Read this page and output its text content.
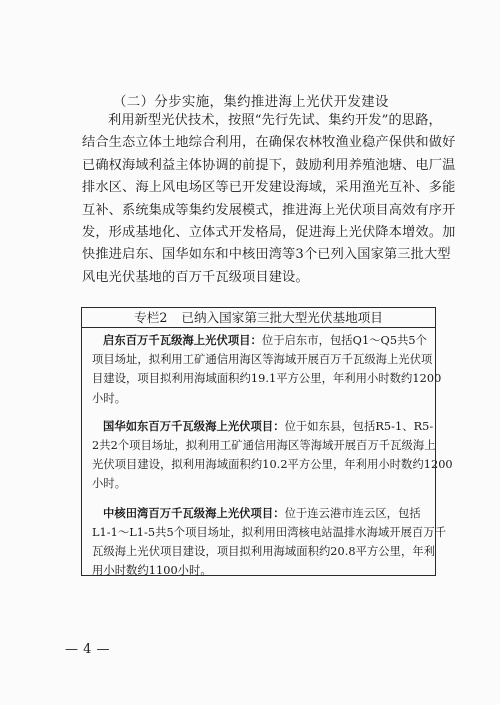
（二）分步实施，集约推进海上光伏开发建设
利用新型光伏技术，按照“先行先试、集约开发”的思路，
结合生态立体土地综合利用，在确保农林牧渔业稳产保供和做好
已确权海域利益主体协调的前提下，鼓励利用养殖池塘、电厂温
排水区、海上风电场区等已开发建设海域，采用渔光互补、多能
互补、系统集成等集约发展模式，推进海上光伏项目高效有序开
发，形成基地化、立体式开发格局，促进海上光伏降本增效。加
快推进启东、国华如东和中核田湾等3个已列入国家第三批大型
风电光伏基地的百万千瓦级项目建设。
专栏2 已纳入国家第三批大型光伏基地项目
启东百万千瓦级海上光伏项目：位于启东市，包括Q1～Q5共5个
项目场址，拟利用工矿通信用海区等海域开展百万千瓦级海上光伏项
目建设，项目拟利用海域面积约19.1平方公里，年利用小时数约1200
小时。
国华如东百万千瓦级海上光伏项目：位于如东县，包括R5-1、R5-
2共2个项目场址，拟利用工矿通信用海区等海域开展百万千瓦级海上
光伏项目建设，拟利用海域面积约10.2平方公里，年利用小时数约1200
小时。
中核田湾百万千瓦级海上光伏项目：位于连云港市连云区，包括
L1-1～L1-5共5个项目场址，拟利用田湾核电站温排水海域开展百万千
瓦级海上光伏项目建设，项目拟利用海域面积约20.8平方公里，年利
用小时数约1100小时。
— 4 —
